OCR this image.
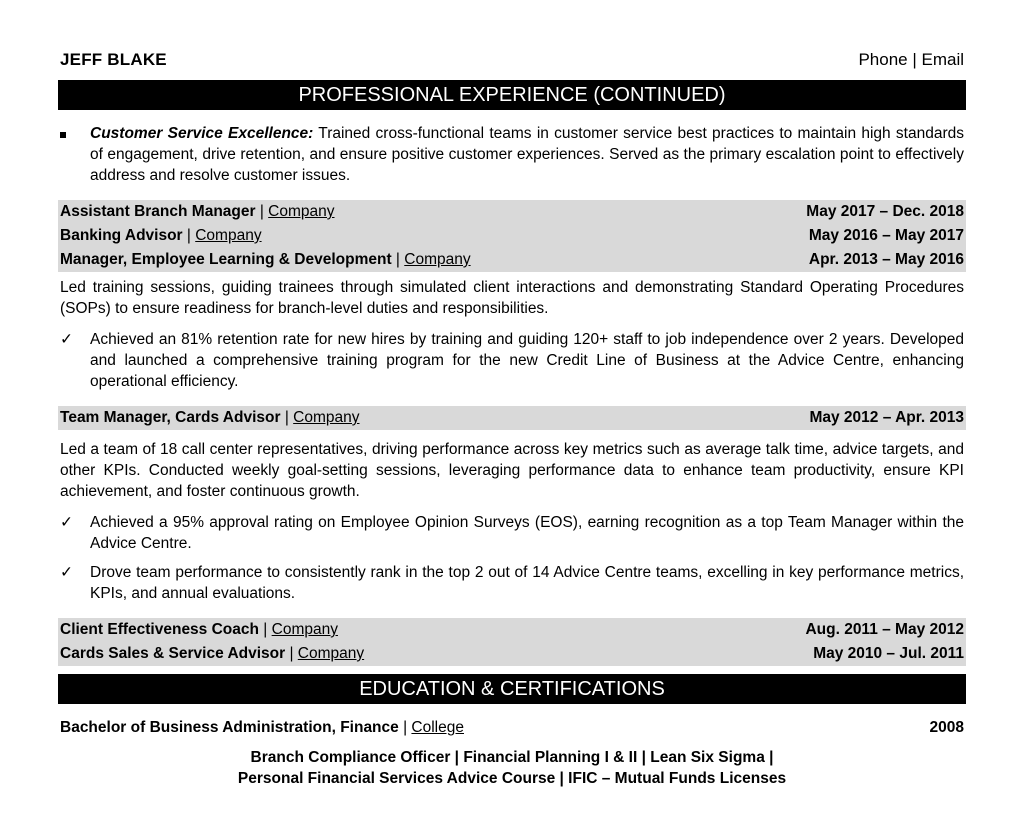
JEFF BLAKE	Phone | Email
PROFESSIONAL EXPERIENCE (CONTINUED)
Customer Service Excellence: Trained cross-functional teams in customer service best practices to maintain high standards of engagement, drive retention, and ensure positive customer experiences. Served as the primary escalation point to effectively address and resolve customer issues.
Assistant Branch Manager | Company	May 2017 – Dec. 2018
Banking Advisor | Company	May 2016 – May 2017
Manager, Employee Learning & Development | Company	Apr. 2013 – May 2016
Led training sessions, guiding trainees through simulated client interactions and demonstrating Standard Operating Procedures (SOPs) to ensure readiness for branch-level duties and responsibilities.
✓	Achieved an 81% retention rate for new hires by training and guiding 120+ staff to job independence over 2 years. Developed and launched a comprehensive training program for the new Credit Line of Business at the Advice Centre, enhancing operational efficiency.
Team Manager, Cards Advisor | Company	May 2012 – Apr. 2013
Led a team of 18 call center representatives, driving performance across key metrics such as average talk time, advice targets, and other KPIs. Conducted weekly goal-setting sessions, leveraging performance data to enhance team productivity, ensure KPI achievement, and foster continuous growth.
✓	Achieved a 95% approval rating on Employee Opinion Surveys (EOS), earning recognition as a top Team Manager within the Advice Centre.
✓	Drove team performance to consistently rank in the top 2 out of 14 Advice Centre teams, excelling in key performance metrics, KPIs, and annual evaluations.
Client Effectiveness Coach | Company	Aug. 2011 – May 2012
Cards Sales & Service Advisor | Company	May 2010 – Jul. 2011
EDUCATION & CERTIFICATIONS
Bachelor of Business Administration, Finance | College	2008
Branch Compliance Officer | Financial Planning I & II | Lean Six Sigma |
Personal Financial Services Advice Course | IFIC – Mutual Funds Licenses
